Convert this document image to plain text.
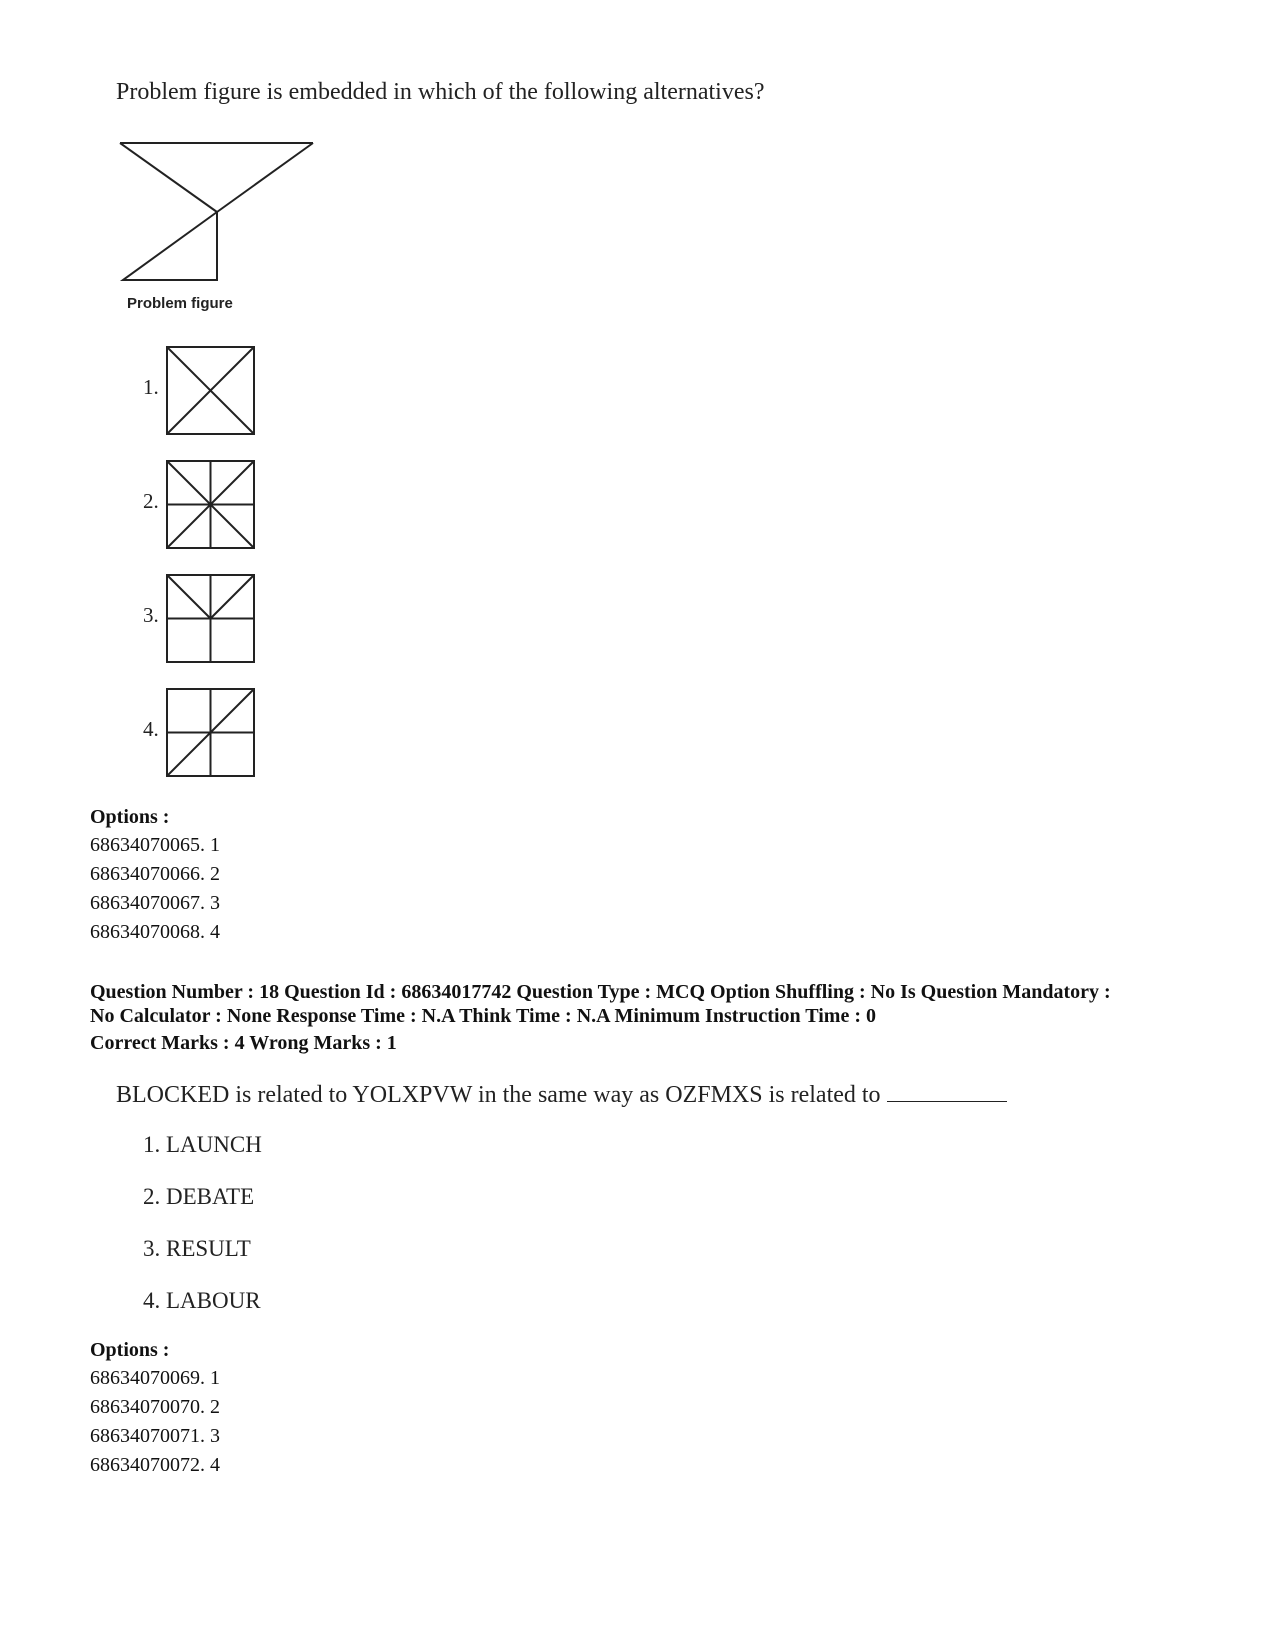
Problem figure is embedded in which of the following alternatives?
Problem figure
1.
2.
3.
4.
Options :
68634070065. 1
68634070066. 2
68634070067. 3
68634070068. 4
Question Number : 18 Question Id : 68634017742 Question Type : MCQ Option Shuffling : No Is Question Mandatory :
No Calculator : None Response Time : N.A Think Time : N.A Minimum Instruction Time : 0
Correct Marks : 4 Wrong Marks : 1
BLOCKED is related to YOLXPVW in the same way as OZFMXS is related to
1. LAUNCH
2. DEBATE
3. RESULT
4. LABOUR
Options :
68634070069. 1
68634070070. 2
68634070071. 3
68634070072. 4
